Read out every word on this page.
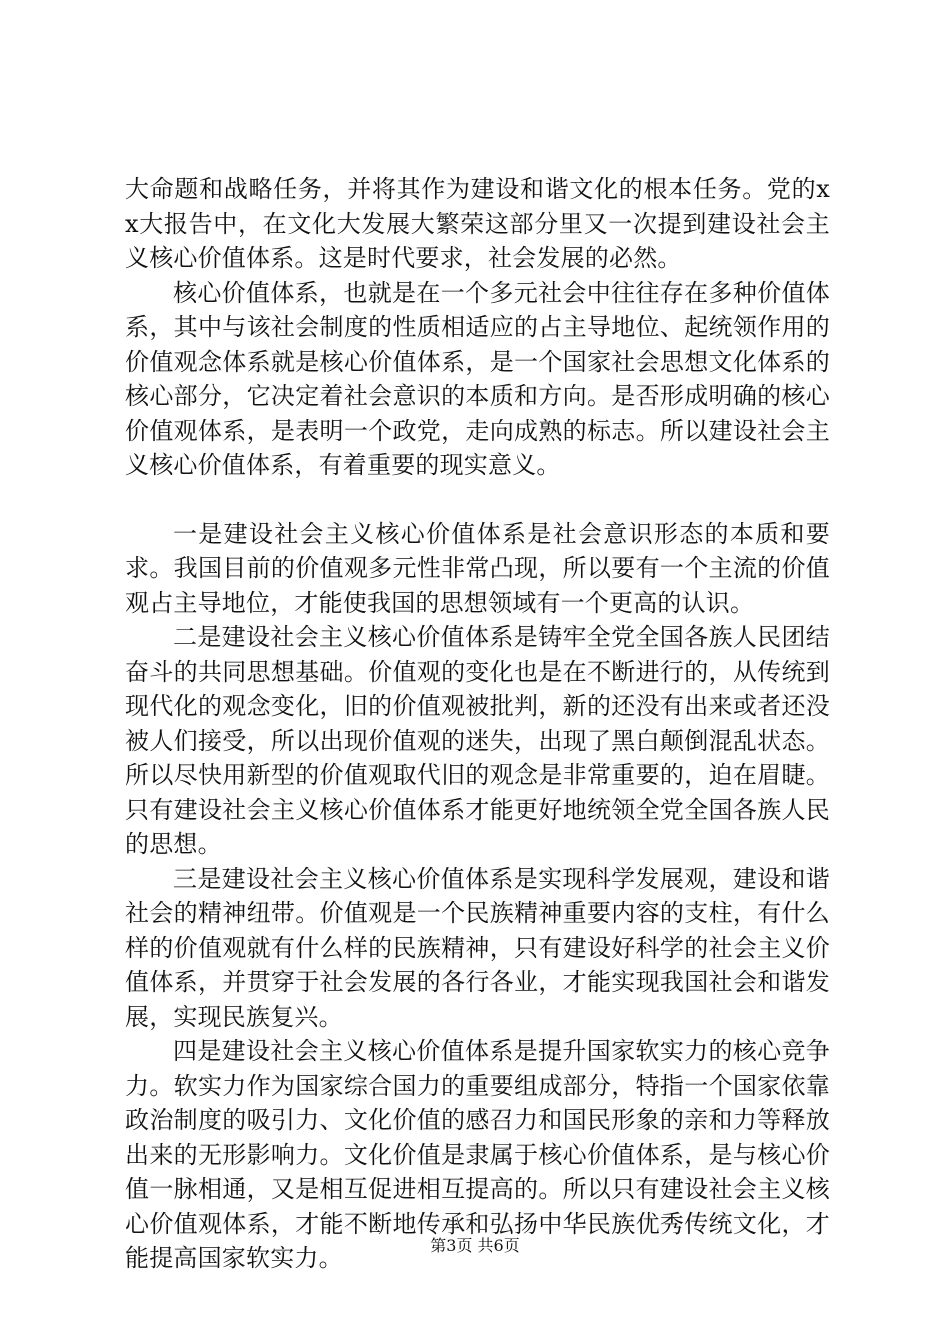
大命题和战略任务，并将其作为建设和谐文化的根本任务。党的xx大报告中，在文化大发展大繁荣这部分里又一次提到建设社会主义核心价值体系。这是时代要求，社会发展的必然。

核心价值体系，也就是在一个多元社会中往往存在多种价值体系，其中与该社会制度的性质相适应的占主导地位、起统领作用的价值观念体系就是核心价值体系，是一个国家社会思想文化体系的核心部分，它决定着社会意识的本质和方向。是否形成明确的核心价值观体系，是表明一个政党，走向成熟的标志。所以建设社会主义核心价值体系，有着重要的现实意义。

一是建设社会主义核心价值体系是社会意识形态的本质和要求。我国目前的价值观多元性非常凸现，所以要有一个主流的价值观占主导地位，才能使我国的思想领域有一个更高的认识。

二是建设社会主义核心价值体系是铸牢全党全国各族人民团结奋斗的共同思想基础。价值观的变化也是在不断进行的，从传统到现代化的观念变化，旧的价值观被批判，新的还没有出来或者还没被人们接受，所以出现价值观的迷失，出现了黑白颠倒混乱状态。所以尽快用新型的价值观取代旧的观念是非常重要的，迫在眉睫。只有建设社会主义核心价值体系才能更好地统领全党全国各族人民的思想。

三是建设社会主义核心价值体系是实现科学发展观，建设和谐社会的精神纽带。价值观是一个民族精神重要内容的支柱，有什么样的价值观就有什么样的民族精神，只有建设好科学的社会主义价值体系，并贯穿于社会发展的各行各业，才能实现我国社会和谐发展，实现民族复兴。

四是建设社会主义核心价值体系是提升国家软实力的核心竞争力。软实力作为国家综合国力的重要组成部分，特指一个国家依靠政治制度的吸引力、文化价值的感召力和国民形象的亲和力等释放出来的无形影响力。文化价值是隶属于核心价值体系，是与核心价值一脉相通，又是相互促进相互提高的。所以只有建设社会主义核心价值观体系，才能不断地传承和弘扬中华民族优秀传统文化，才能提高国家软实力。	第3页 共6页
